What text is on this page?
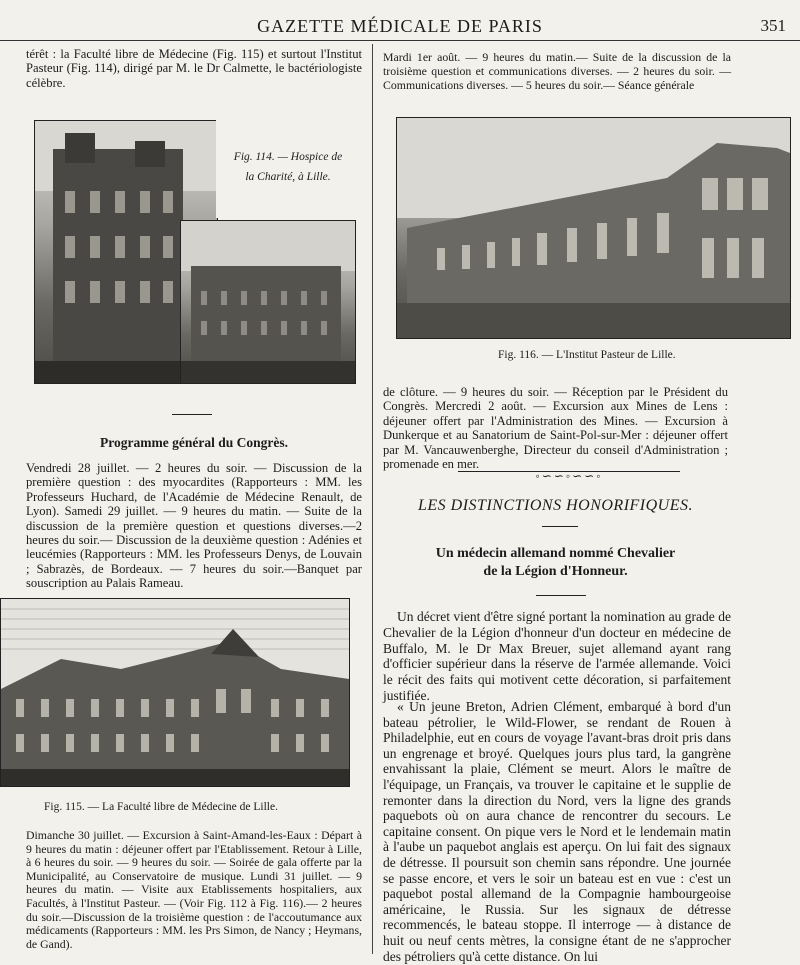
GAZETTE MÉDICALE DE PARIS	351

térêt : la Faculté libre de Médecine (Fig. 115) et surtout l'Institut Pasteur (Fig. 114), dirigé par M. le Dr Calmette, le bactériologiste célèbre.

Fig. 114. — Hospice de la Charité, à Lille.
Programme général du Congrès.

Vendredi 28 juillet. — 2 heures du soir. — Discussion de la première question : des myocardites (Rapporteurs : MM. les Professeurs Huchard, de l'Académie de Médecine Renault, de Lyon). Samedi 29 juillet. — 9 heures du matin. — Suite de la discussion de la première question et questions diverses.—2 heures du soir.— Discussion de la deuxième question : Adénies et leucémies (Rapporteurs : MM. les Professeurs Denys, de Louvain ; Sabrazès, de Bordeaux. — 7 heures du soir.—Banquet par souscription au Palais Rameau.

Fig. 115. — La Faculté libre de Médecine de Lille.

Dimanche 30 juillet. — Excursion à Saint-Amand-les-Eaux : Départ à 9 heures du matin : déjeuner offert par l'Etablissement. Retour à Lille, à 6 heures du soir. — 9 heures du soir. — Soirée de gala offerte par la Municipalité, au Conservatoire de musique. Lundi 31 juillet. — 9 heures du matin. — Visite aux Etablissements hospitaliers, aux Facultés, à l'Institut Pasteur. — (Voir Fig. 112 à Fig. 116).— 2 heures du soir.—Discussion de la troisième question : de l'accoutumance aux médicaments (Rapporteurs : MM. les Prs Simon, de Nancy ; Heymans, de Gand).

Mardi 1er août. — 9 heures du matin.— Suite de la discussion de la troisième question et communications diverses. — 2 heures du soir. — Communications diverses. — 5 heures du soir.— Séance générale

Fig. 116. — L'Institut Pasteur de Lille.

de clôture. — 9 heures du soir. — Réception par le Président du Congrès. Mercredi 2 août. — Excursion aux Mines de Lens : déjeuner offert par l'Administration des Mines. — Excursion à Dunkerque et au Sanatorium de Saint-Pol-sur-Mer : déjeuner offert par M. Vancauwenberghe, Directeur du conseil d'Administration ; promenade en mer.

◦∽∽◦∽∽◦
LES DISTINCTIONS HONORIFIQUES.
Un médecin allemand nommé Chevalier
de la Légion d'Honneur.

Un décret vient d'être signé portant la nomination au grade de Chevalier de la Légion d'honneur d'un docteur en médecine de Buffalo, M. le Dr Max Breuer, sujet allemand ayant rang d'officier supérieur dans la réserve de l'armée allemande. Voici le récit des faits qui motivent cette décoration, si parfaitement justifiée.

« Un jeune Breton, Adrien Clément, embarqué à bord d'un bateau pétrolier, le Wild-Flower, se rendant de Rouen à Philadelphie, eut en cours de voyage l'avant-bras droit pris dans un engrenage et broyé. Quelques jours plus tard, la gangrène envahissant la plaie, Clément se meurt. Alors le maître de l'équipage, un Français, va trouver le capitaine et le supplie de remonter dans la direction du Nord, vers la ligne des grands paquebots où on aura chance de rencontrer du secours. Le capitaine consent. On pique vers le Nord et le lendemain matin à l'aube un paquebot anglais est aperçu. On lui fait des signaux de détresse. Il poursuit son chemin sans répondre. Une journée se passe encore, et vers le soir un bateau est en vue : c'est un paquebot postal allemand de la Compagnie hambourgeoise américaine, le Russia. Sur les signaux de détresse recommencés, le bateau stoppe. Il interroge — à distance de huit ou neuf cents mètres, la consigne étant de ne s'approcher des pétroliers qu'à cette distance. On lui
